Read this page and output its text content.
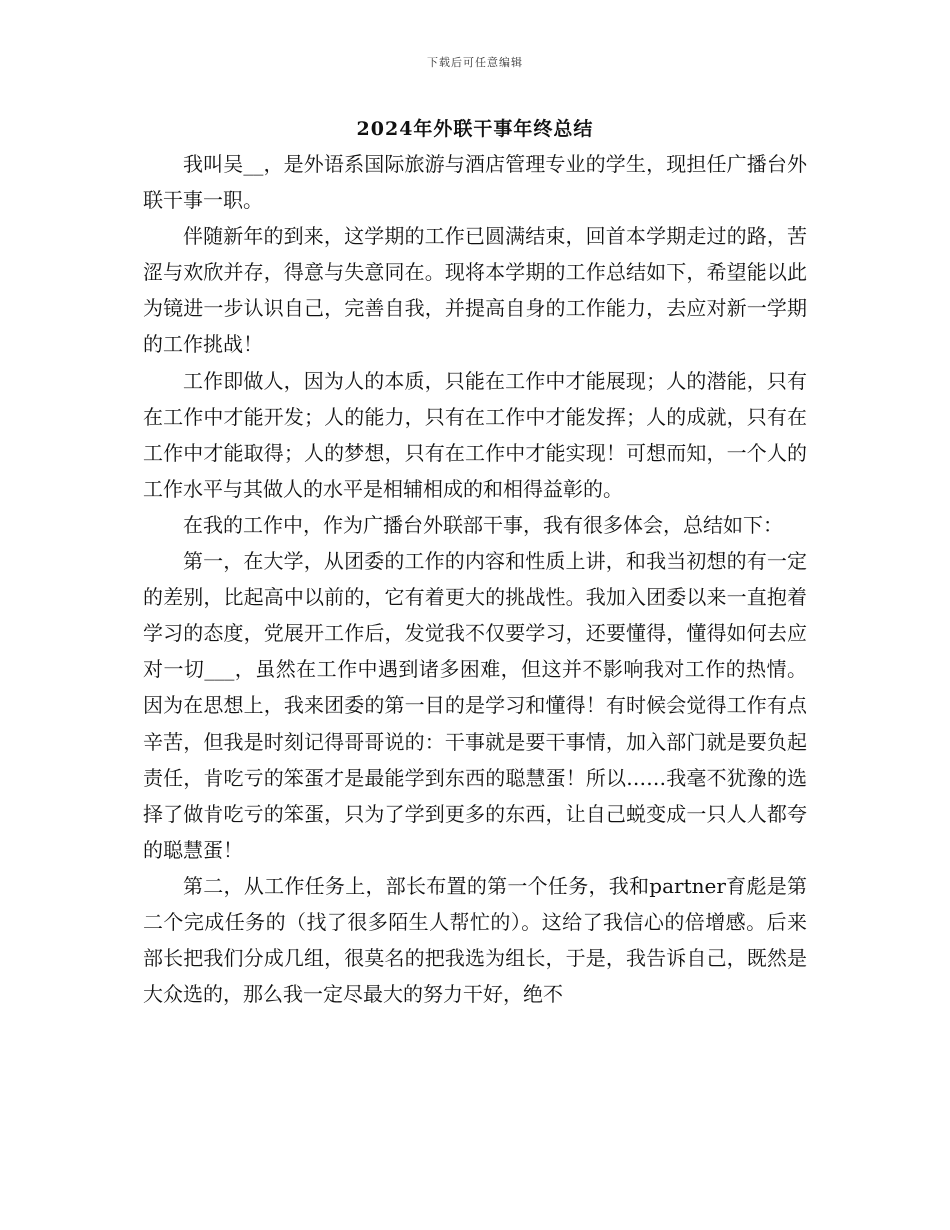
下载后可任意编辑
2024年外联干事年终总结

我叫吴__，是外语系国际旅游与酒店管理专业的学生，现担任广播台外联干事一职。

伴随新年的到来，这学期的工作已圆满结束，回首本学期走过的路，苦涩与欢欣并存，得意与失意同在。现将本学期的工作总结如下，希望能以此为镜进一步认识自己，完善自我，并提高自身的工作能力，去应对新一学期的工作挑战！

工作即做人，因为人的本质，只能在工作中才能展现；人的潜能，只有在工作中才能开发；人的能力，只有在工作中才能发挥；人的成就，只有在工作中才能取得；人的梦想，只有在工作中才能实现！可想而知，一个人的工作水平与其做人的水平是相辅相成的和相得益彰的。

在我的工作中，作为广播台外联部干事，我有很多体会，总结如下：

第一，在大学，从团委的工作的内容和性质上讲，和我当初想的有一定的差别，比起高中以前的，它有着更大的挑战性。我加入团委以来一直抱着学习的态度，党展开工作后，发觉我不仅要学习，还要懂得，懂得如何去应对一切___，虽然在工作中遇到诸多困难，但这并不影响我对工作的热情。因为在思想上，我来团委的第一目的是学习和懂得！有时候会觉得工作有点辛苦，但我是时刻记得哥哥说的：干事就是要干事情，加入部门就是要负起责任，肯吃亏的笨蛋才是最能学到东西的聪慧蛋！所以……我毫不犹豫的选择了做肯吃亏的笨蛋，只为了学到更多的东西，让自己蜕变成一只人人都夸的聪慧蛋！

第二，从工作任务上，部长布置的第一个任务，我和partner育彪是第二个完成任务的（找了很多陌生人帮忙的）。这给了我信心的倍增感。后来部长把我们分成几组，很莫名的把我选为组长，于是，我告诉自己，既然是大众选的，那么我一定尽最大的努力干好，绝不
